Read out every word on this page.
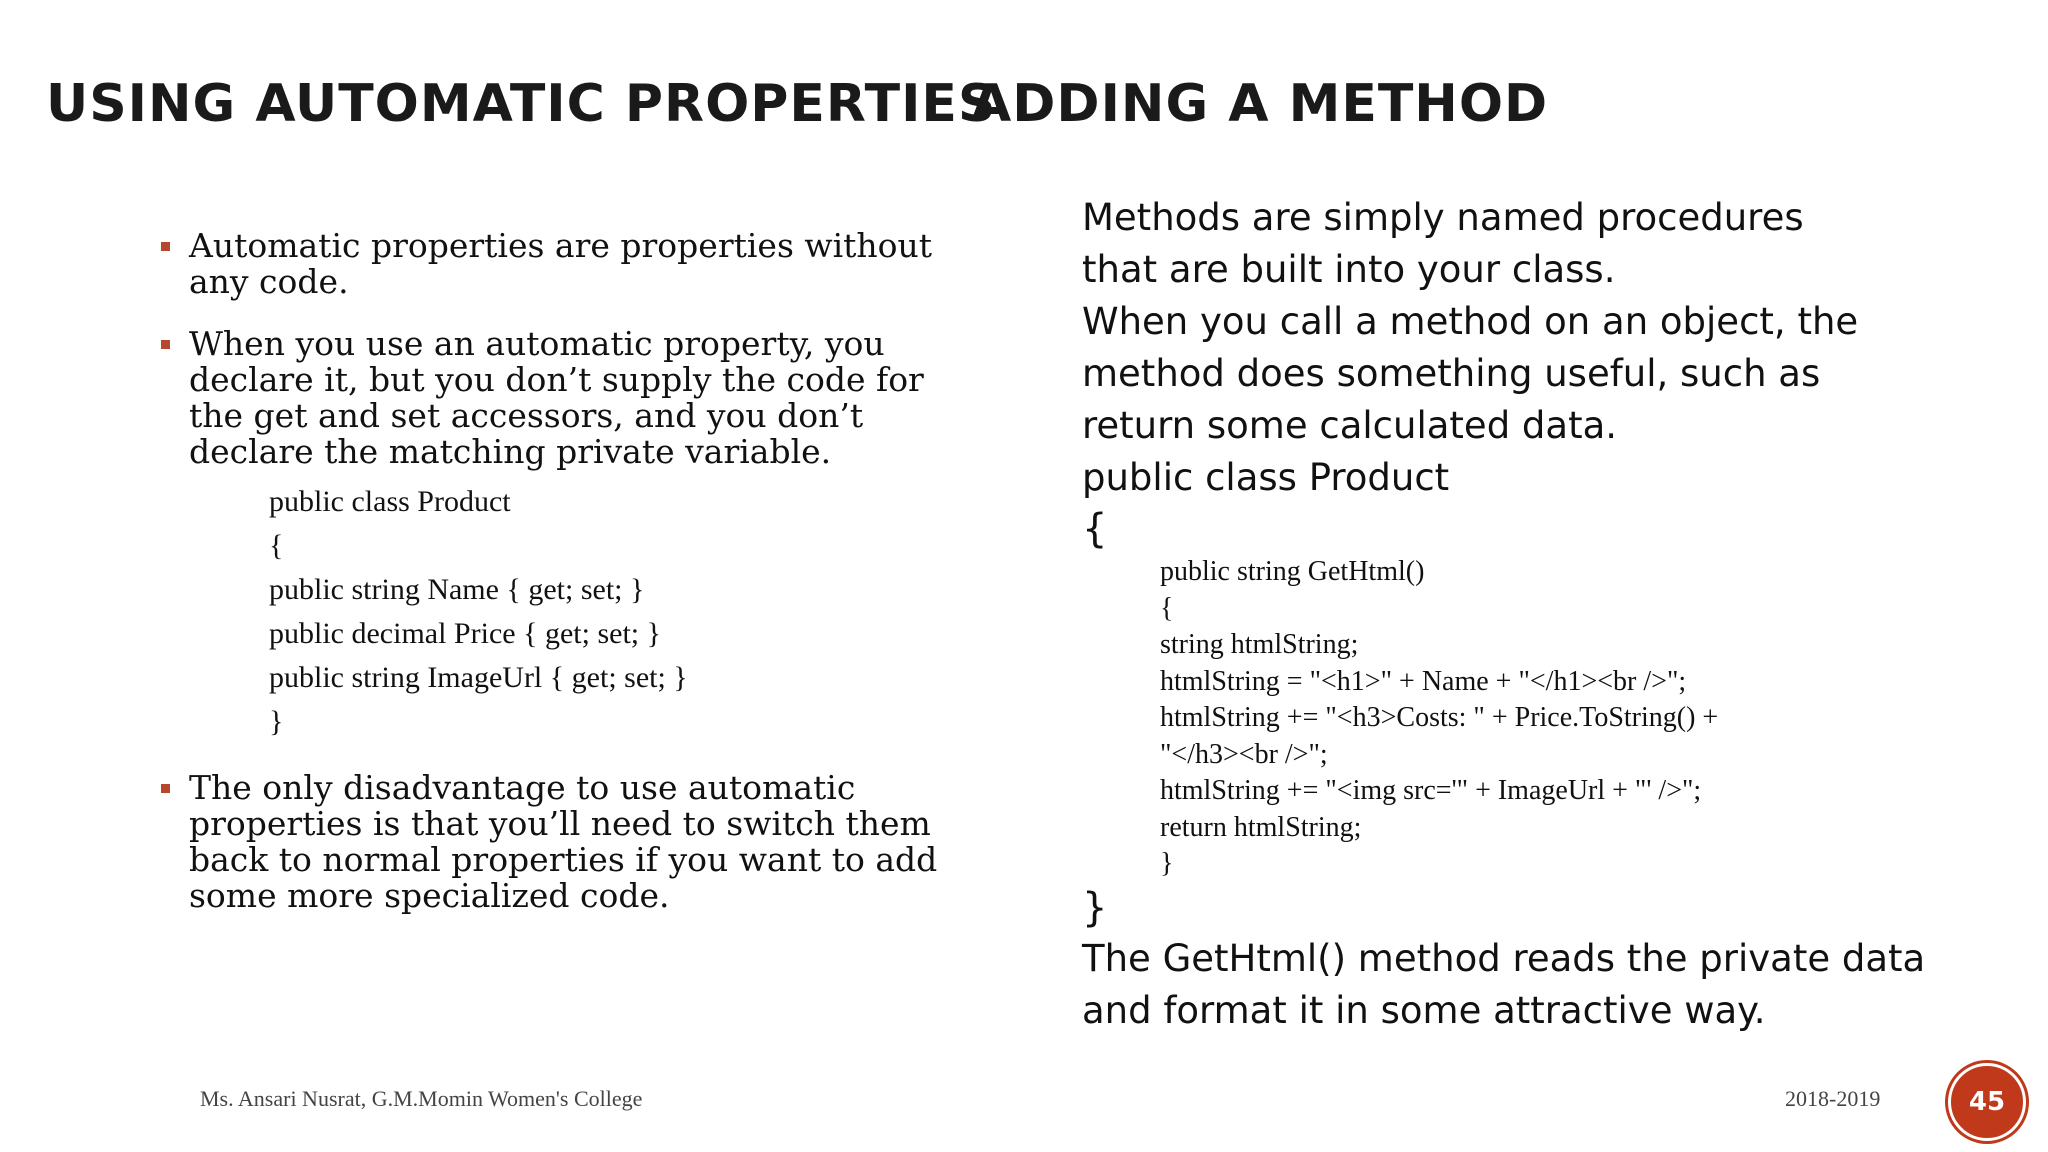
USING AUTOMATIC PROPERTIES
ADDING A METHOD
Automatic properties are properties without any code.
When you use an automatic property, you declare it, but you don’t supply the code for the get and set accessors, and you don’t declare the matching private variable.
public class Product
{
public string Name { get; set; }
public decimal Price { get; set; }
public string ImageUrl { get; set; }
}
The only disadvantage to use automatic properties is that you’ll need to switch them back to normal properties if you want to add some more specialized code.
Methods are simply named procedures
that are built into your class.
When you call a method on an object, the
method does something useful, such as
return some calculated data.
public class Product
{
public string GetHtml()
{
string htmlString;
htmlString = "<h1>" + Name + "</h1><br />";
htmlString += "<h3>Costs: " + Price.ToString() +
"</h3><br />";
htmlString += "<img src='" + ImageUrl + "' />";
return htmlString;
}
}
The GetHtml() method reads the private data
and format it in some attractive way.
Ms. Ansari Nusrat, G.M.Momin Women's College	2018-2019	45
